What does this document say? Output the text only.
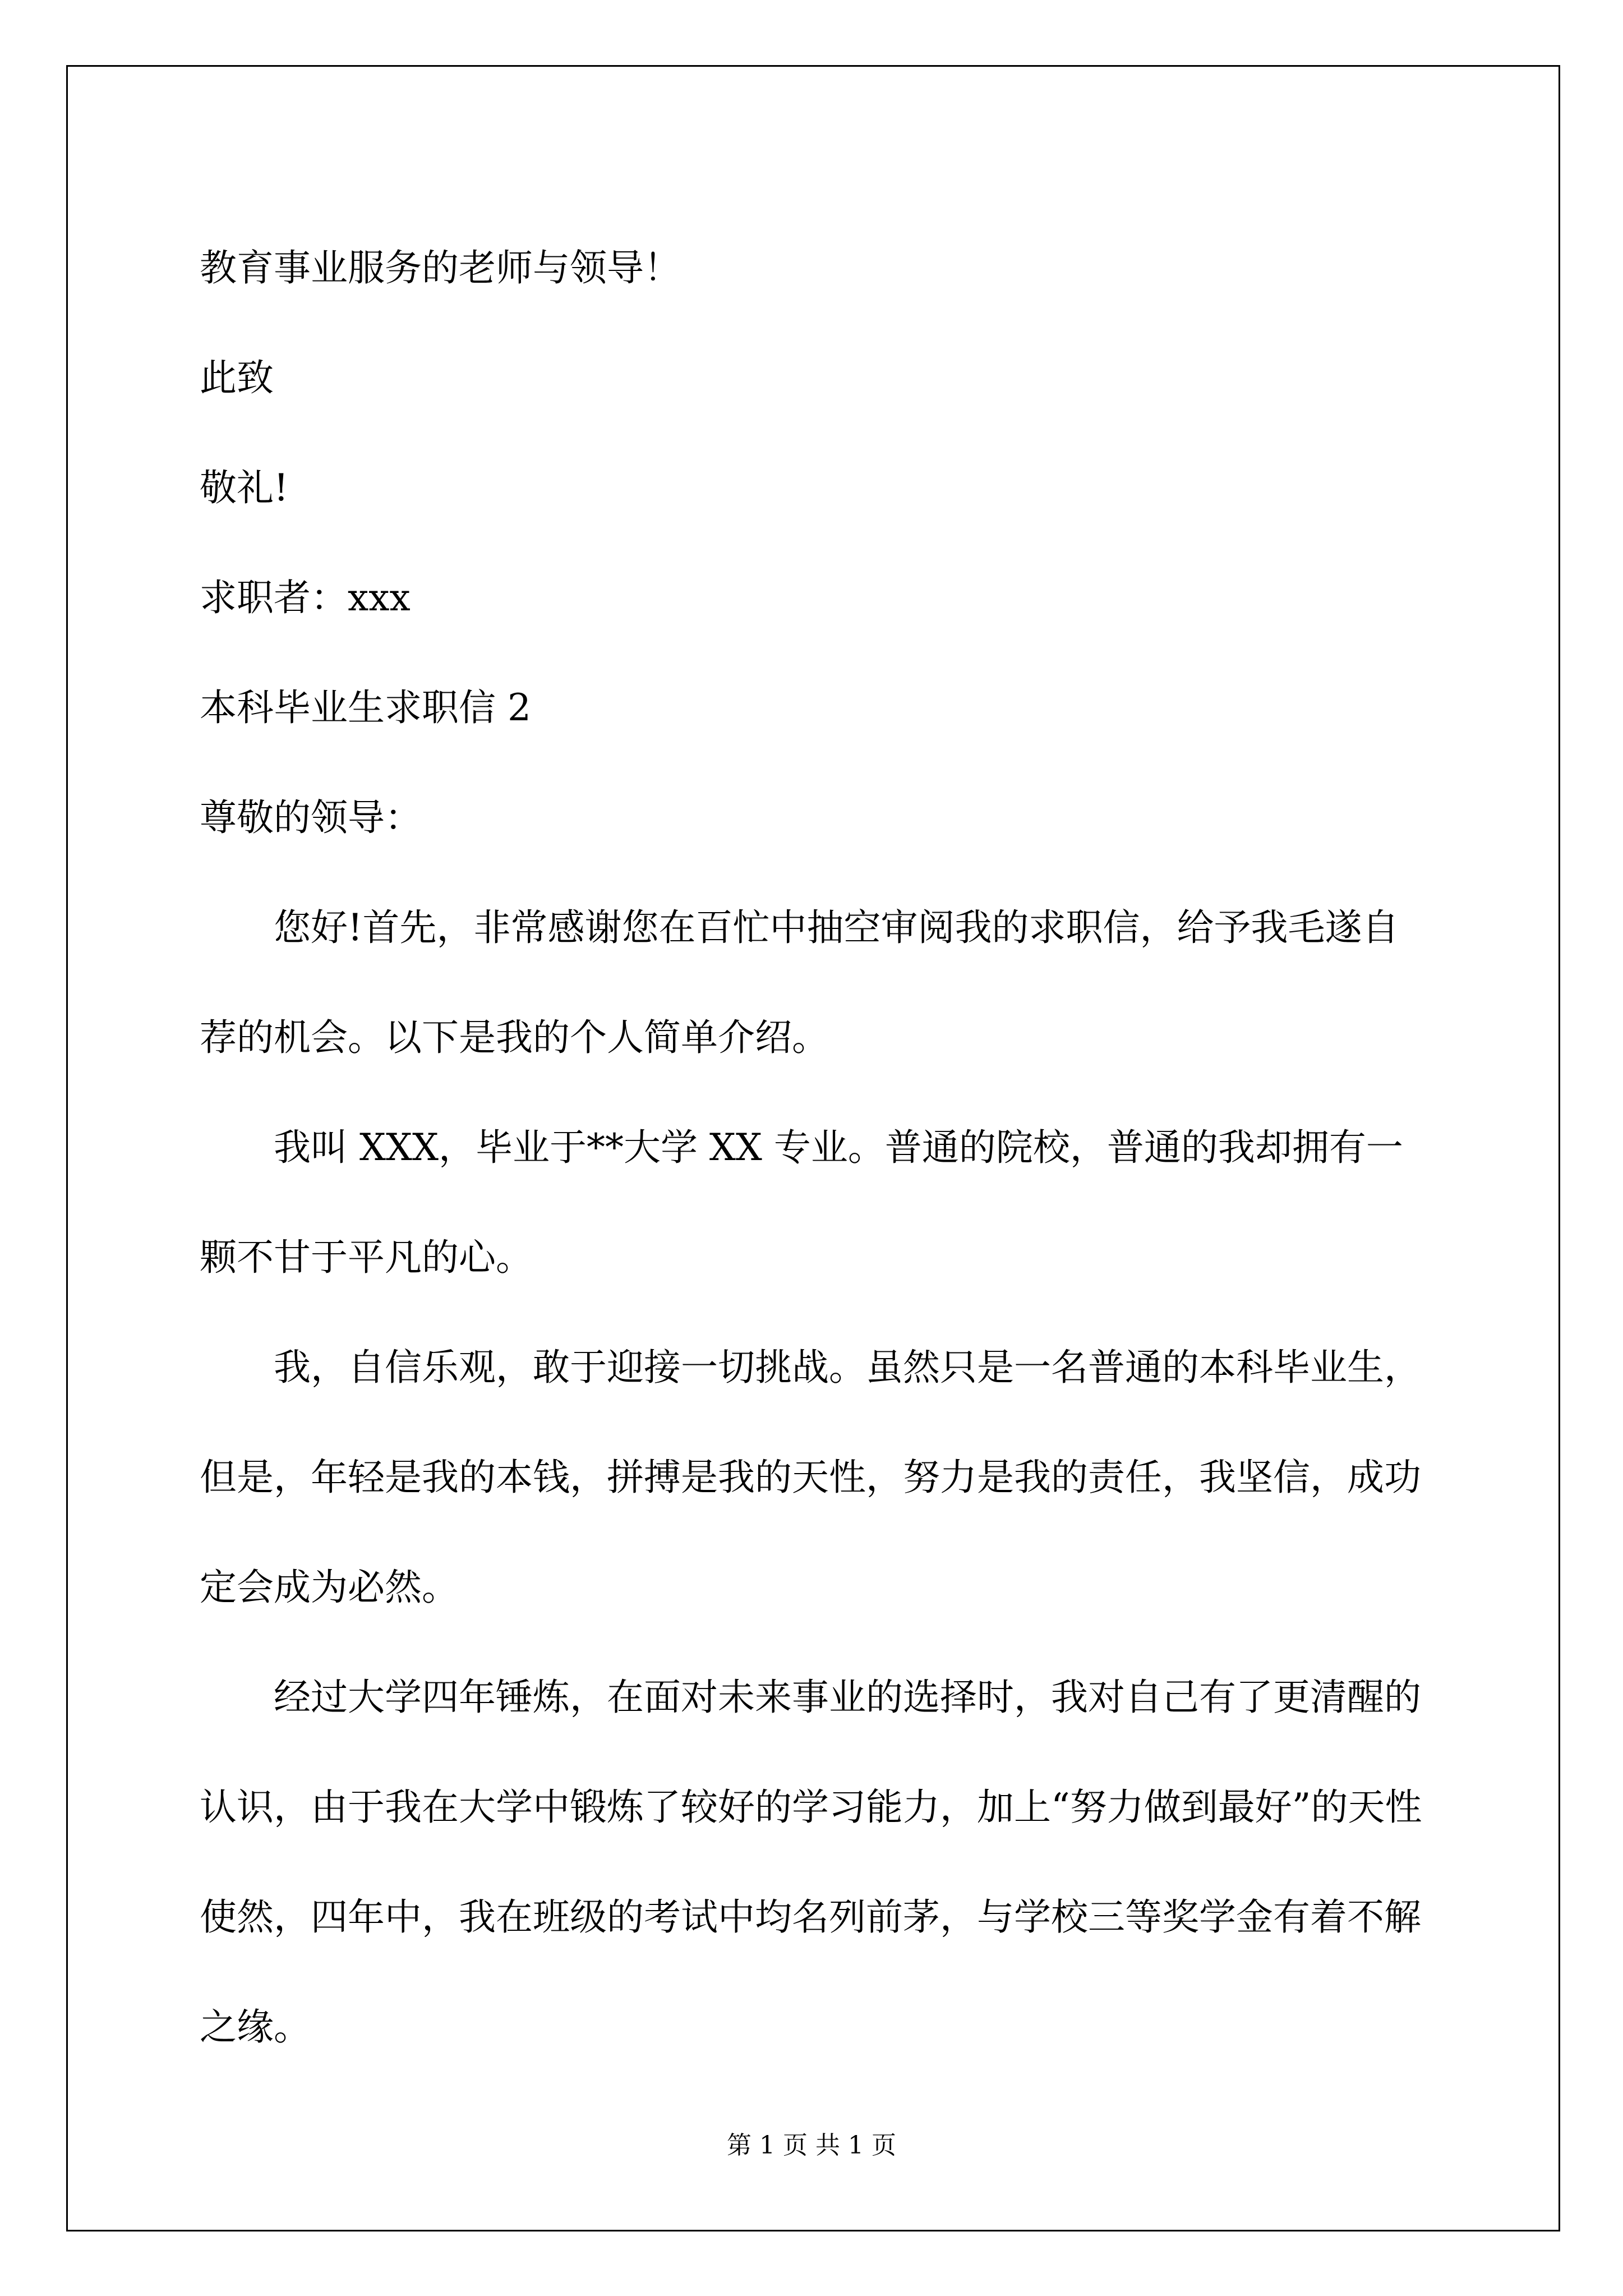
教育事业服务的老师与领导！

此致

敬礼!

求职者：xxx

本科毕业生求职信 2

尊敬的领导：

您好!首先，非常感谢您在百忙中抽空审阅我的求职信，给予我毛遂自荐的机会。以下是我的个人简单介绍。

我叫 XXX，毕业于**大学 XX 专业。普通的院校，普通的我却拥有一颗不甘于平凡的心。

我，自信乐观，敢于迎接一切挑战。虽然只是一名普通的本科毕业生，但是，年轻是我的本钱，拼搏是我的天性，努力是我的责任，我坚信，成功定会成为必然。

经过大学四年锤炼，在面对未来事业的选择时，我对自己有了更清醒的认识，由于我在大学中锻炼了较好的学习能力，加上“努力做到最好”的天性使然，四年中，我在班级的考试中均名列前茅，与学校三等奖学金有着不解之缘。

第 1 页 共 1 页
